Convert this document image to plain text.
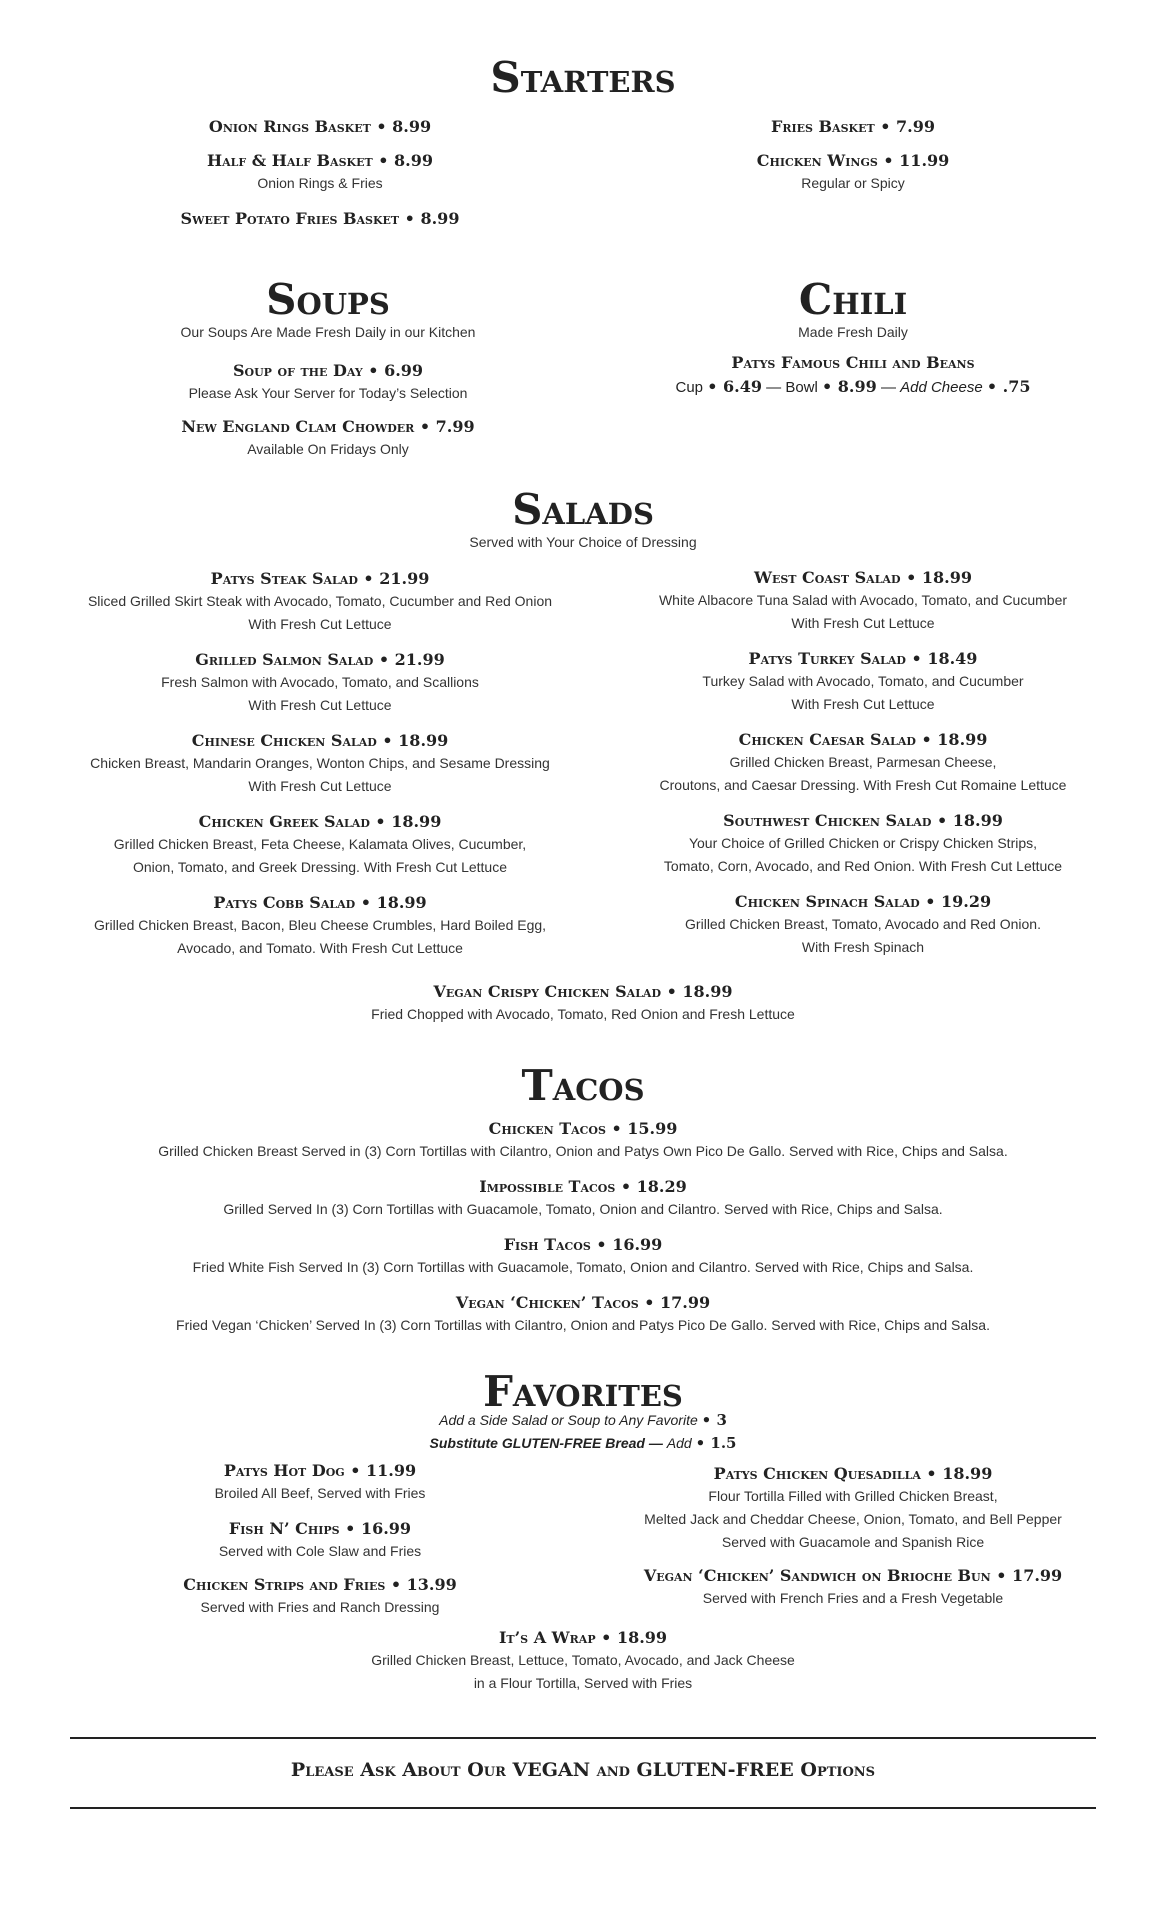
Starters
Onion Rings Basket • 8.99
Half & Half Basket • 8.99
Onion Rings & Fries
Sweet Potato Fries Basket • 8.99
Fries Basket • 7.99
Chicken Wings • 11.99
Regular or Spicy
Soups

Our Soups Are Made Fresh Daily in our Kitchen

Soup of the Day • 6.99
Please Ask Your Server for Today’s Selection
New England Clam Chowder • 7.99
Available On Fridays Only
Chili

Made Fresh Daily

Patys Famous Chili and Beans
Cup • 6.49 — Bowl • 8.99 — Add Cheese • .75
Salads

Served with Your Choice of Dressing

Patys Steak Salad • 21.99
Sliced Grilled Skirt Steak with Avocado, Tomato, Cucumber and Red Onion
With Fresh Cut Lettuce
Grilled Salmon Salad • 21.99
Fresh Salmon with Avocado, Tomato, and Scallions
With Fresh Cut Lettuce
Chinese Chicken Salad • 18.99
Chicken Breast, Mandarin Oranges, Wonton Chips, and Sesame Dressing
With Fresh Cut Lettuce
Chicken Greek Salad • 18.99
Grilled Chicken Breast, Feta Cheese, Kalamata Olives, Cucumber,
Onion, Tomato, and Greek Dressing. With Fresh Cut Lettuce
Patys Cobb Salad • 18.99
Grilled Chicken Breast, Bacon, Bleu Cheese Crumbles, Hard Boiled Egg,
Avocado, and Tomato. With Fresh Cut Lettuce
West Coast Salad • 18.99
White Albacore Tuna Salad with Avocado, Tomato, and Cucumber
With Fresh Cut Lettuce
Patys Turkey Salad • 18.49
Turkey Salad with Avocado, Tomato, and Cucumber
With Fresh Cut Lettuce
Chicken Caesar Salad • 18.99
Grilled Chicken Breast, Parmesan Cheese,
Croutons, and Caesar Dressing. With Fresh Cut Romaine Lettuce
Southwest Chicken Salad • 18.99
Your Choice of Grilled Chicken or Crispy Chicken Strips,
Tomato, Corn, Avocado, and Red Onion. With Fresh Cut Lettuce
Chicken Spinach Salad • 19.29
Grilled Chicken Breast, Tomato, Avocado and Red Onion.
With Fresh Spinach
Vegan Crispy Chicken Salad • 18.99
Fried Chopped with Avocado, Tomato, Red Onion and Fresh Lettuce
Tacos
Chicken Tacos • 15.99
Grilled Chicken Breast Served in (3) Corn Tortillas with Cilantro, Onion and Patys Own Pico De Gallo. Served with Rice, Chips and Salsa.
Impossible Tacos • 18.29
Grilled Served In (3) Corn Tortillas with Guacamole, Tomato, Onion and Cilantro. Served with Rice, Chips and Salsa.
Fish Tacos • 16.99
Fried White Fish Served In (3) Corn Tortillas with Guacamole, Tomato, Onion and Cilantro. Served with Rice, Chips and Salsa.
Vegan ‘Chicken’ Tacos • 17.99
Fried Vegan ‘Chicken’ Served In (3) Corn Tortillas with Cilantro, Onion and Patys Pico De Gallo. Served with Rice, Chips and Salsa.
Favorites
Add a Side Salad or Soup to Any Favorite • 3
Substitute GLUTEN-FREE Bread — Add • 1.5
Patys Hot Dog • 11.99
Broiled All Beef, Served with Fries
Fish N’ Chips • 16.99
Served with Cole Slaw and Fries
Chicken Strips and Fries • 13.99
Served with Fries and Ranch Dressing
Patys Chicken Quesadilla • 18.99
Flour Tortilla Filled with Grilled Chicken Breast,
Melted Jack and Cheddar Cheese, Onion, Tomato, and Bell Pepper
Served with Guacamole and Spanish Rice
Vegan ‘Chicken’ Sandwich on Brioche Bun • 17.99
Served with French Fries and a Fresh Vegetable
It’s A Wrap • 18.99
Grilled Chicken Breast, Lettuce, Tomato, Avocado, and Jack Cheese
in a Flour Tortilla, Served with Fries
Please Ask About Our VEGAN and GLUTEN-FREE Options
